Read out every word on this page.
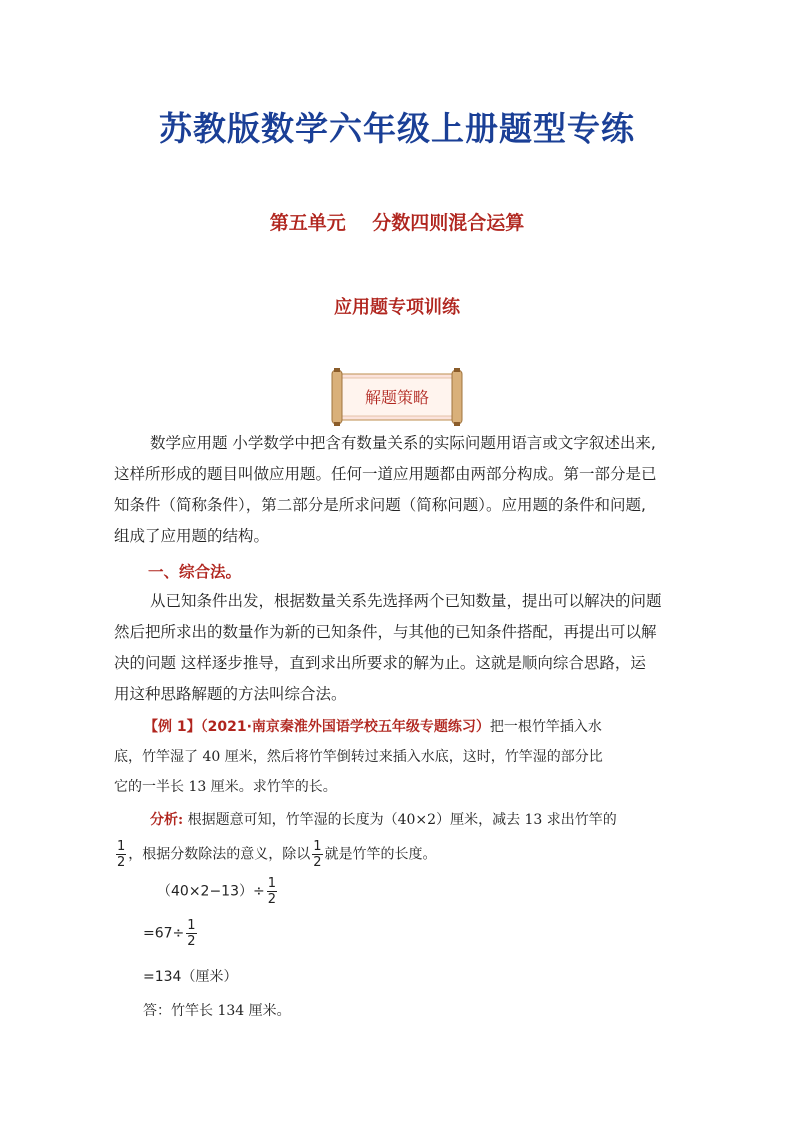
苏教版数学六年级上册题型专练
第五单元    分数四则混合运算
应用题专项训练
解题策略
数学应用题 小学数学中把含有数量关系的实际问题用语言或文字叙述出来,
这样所形成的题目叫做应用题。任何一道应用题都由两部分构成。第一部分是已
知条件（简称条件），第二部分是所求问题（简称问题）。应用题的条件和问题,
组成了应用题的结构。
一、综合法。
从已知条件出发，根据数量关系先选择两个已知数量，提出可以解决的问题
然后把所求出的数量作为新的已知条件，与其他的已知条件搭配，再提出可以解
决的问题 这样逐步推导，直到求出所要求的解为止。这就是顺向综合思路，运
用这种思路解题的方法叫综合法。
【例 1】（2021·南京秦淮外国语学校五年级专题练习）把一根竹竿插入水
底，竹竿湿了 40 厘米，然后将竹竿倒转过来插入水底，这时，竹竿湿的部分比
它的一半长 13 厘米。求竹竿的长。
分析: 根据题意可知，竹竿湿的长度为（40×2）厘米，减去 13 求出竹竿的
$\frac{1}{2}$ ，根据分数除法的意义，除以 $\frac{1}{2}$ 就是竹竿的长度。
$(40\times 2-13)\div \frac{1}{2}$
$=67\div \frac{1}{2}$
=134（厘米）
答：竹竿长 134 厘米。
